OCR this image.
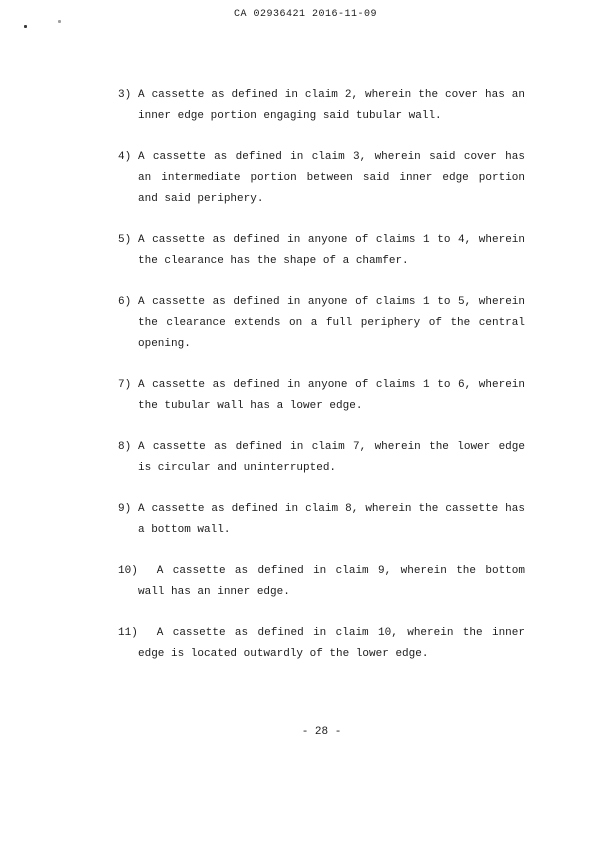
CA 02936421 2016-11-09
3) A cassette as defined in claim 2, wherein the cover has an inner edge portion engaging said tubular wall.
4) A cassette as defined in claim 3, wherein said cover has an intermediate portion between said inner edge portion and said periphery.
5) A cassette as defined in anyone of claims 1 to 4, wherein the clearance has the shape of a chamfer.
6) A cassette as defined in anyone of claims 1 to 5, wherein the clearance extends on a full periphery of the central opening.
7) A cassette as defined in anyone of claims 1 to 6, wherein the tubular wall has a lower edge.
8) A cassette as defined in claim 7, wherein the lower edge is circular and uninterrupted.
9) A cassette as defined in claim 8, wherein the cassette has a bottom wall.
10) A cassette as defined in claim 9, wherein the bottom wall has an inner edge.
11) A cassette as defined in claim 10, wherein the inner edge is located outwardly of the lower edge.
- 28 -
